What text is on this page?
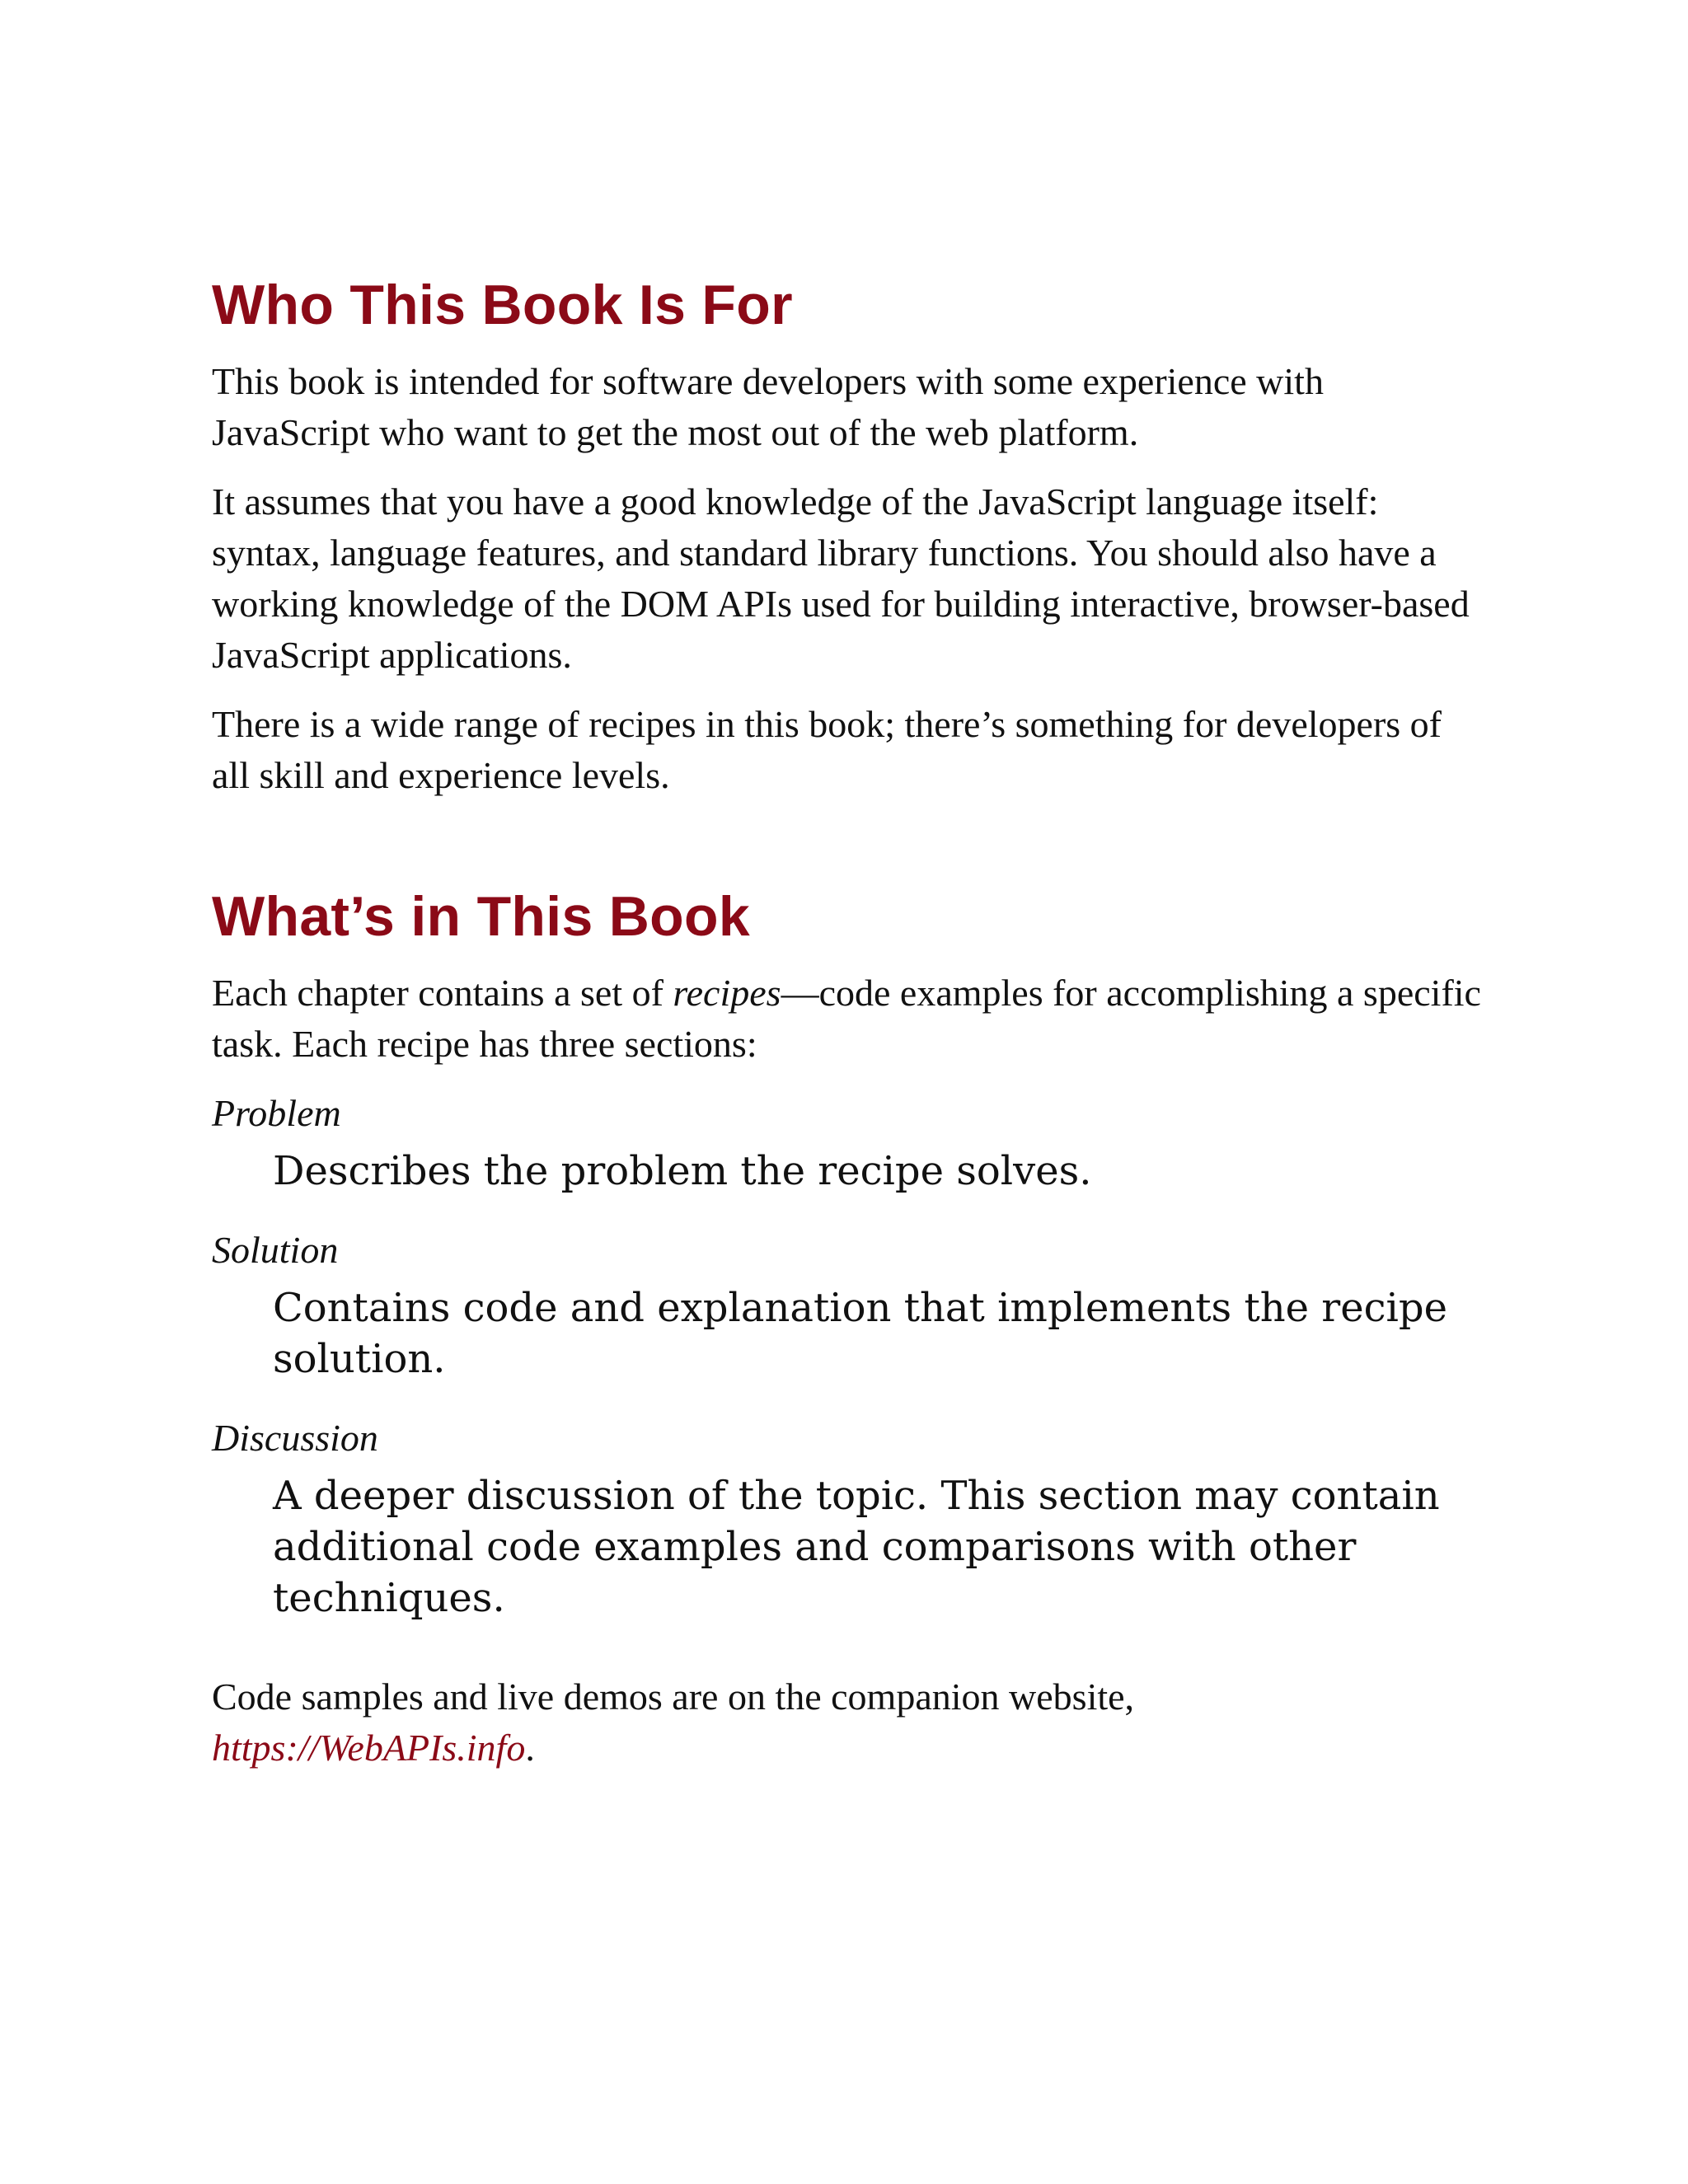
Who This Book Is For

This book is intended for software developers with some experience with JavaScript who want to get the most out of the web platform.

It assumes that you have a good knowledge of the JavaScript language itself: syntax, language features, and standard library functions. You should also have a working knowledge of the DOM APIs used for building interactive, browser-based JavaScript applications.

There is a wide range of recipes in this book; there’s something for developers of all skill and experience levels.

What’s in This Book

Each chapter contains a set of recipes—code examples for accomplishing a specific task. Each recipe has three sections:

Problem
Describes the problem the recipe solves.
Solution
Contains code and explanation that implements the recipe solution.
Discussion
A deeper discussion of the topic. This section may contain additional code examples and comparisons with other techniques.

Code samples and live demos are on the companion website,
https://WebAPIs.info.
